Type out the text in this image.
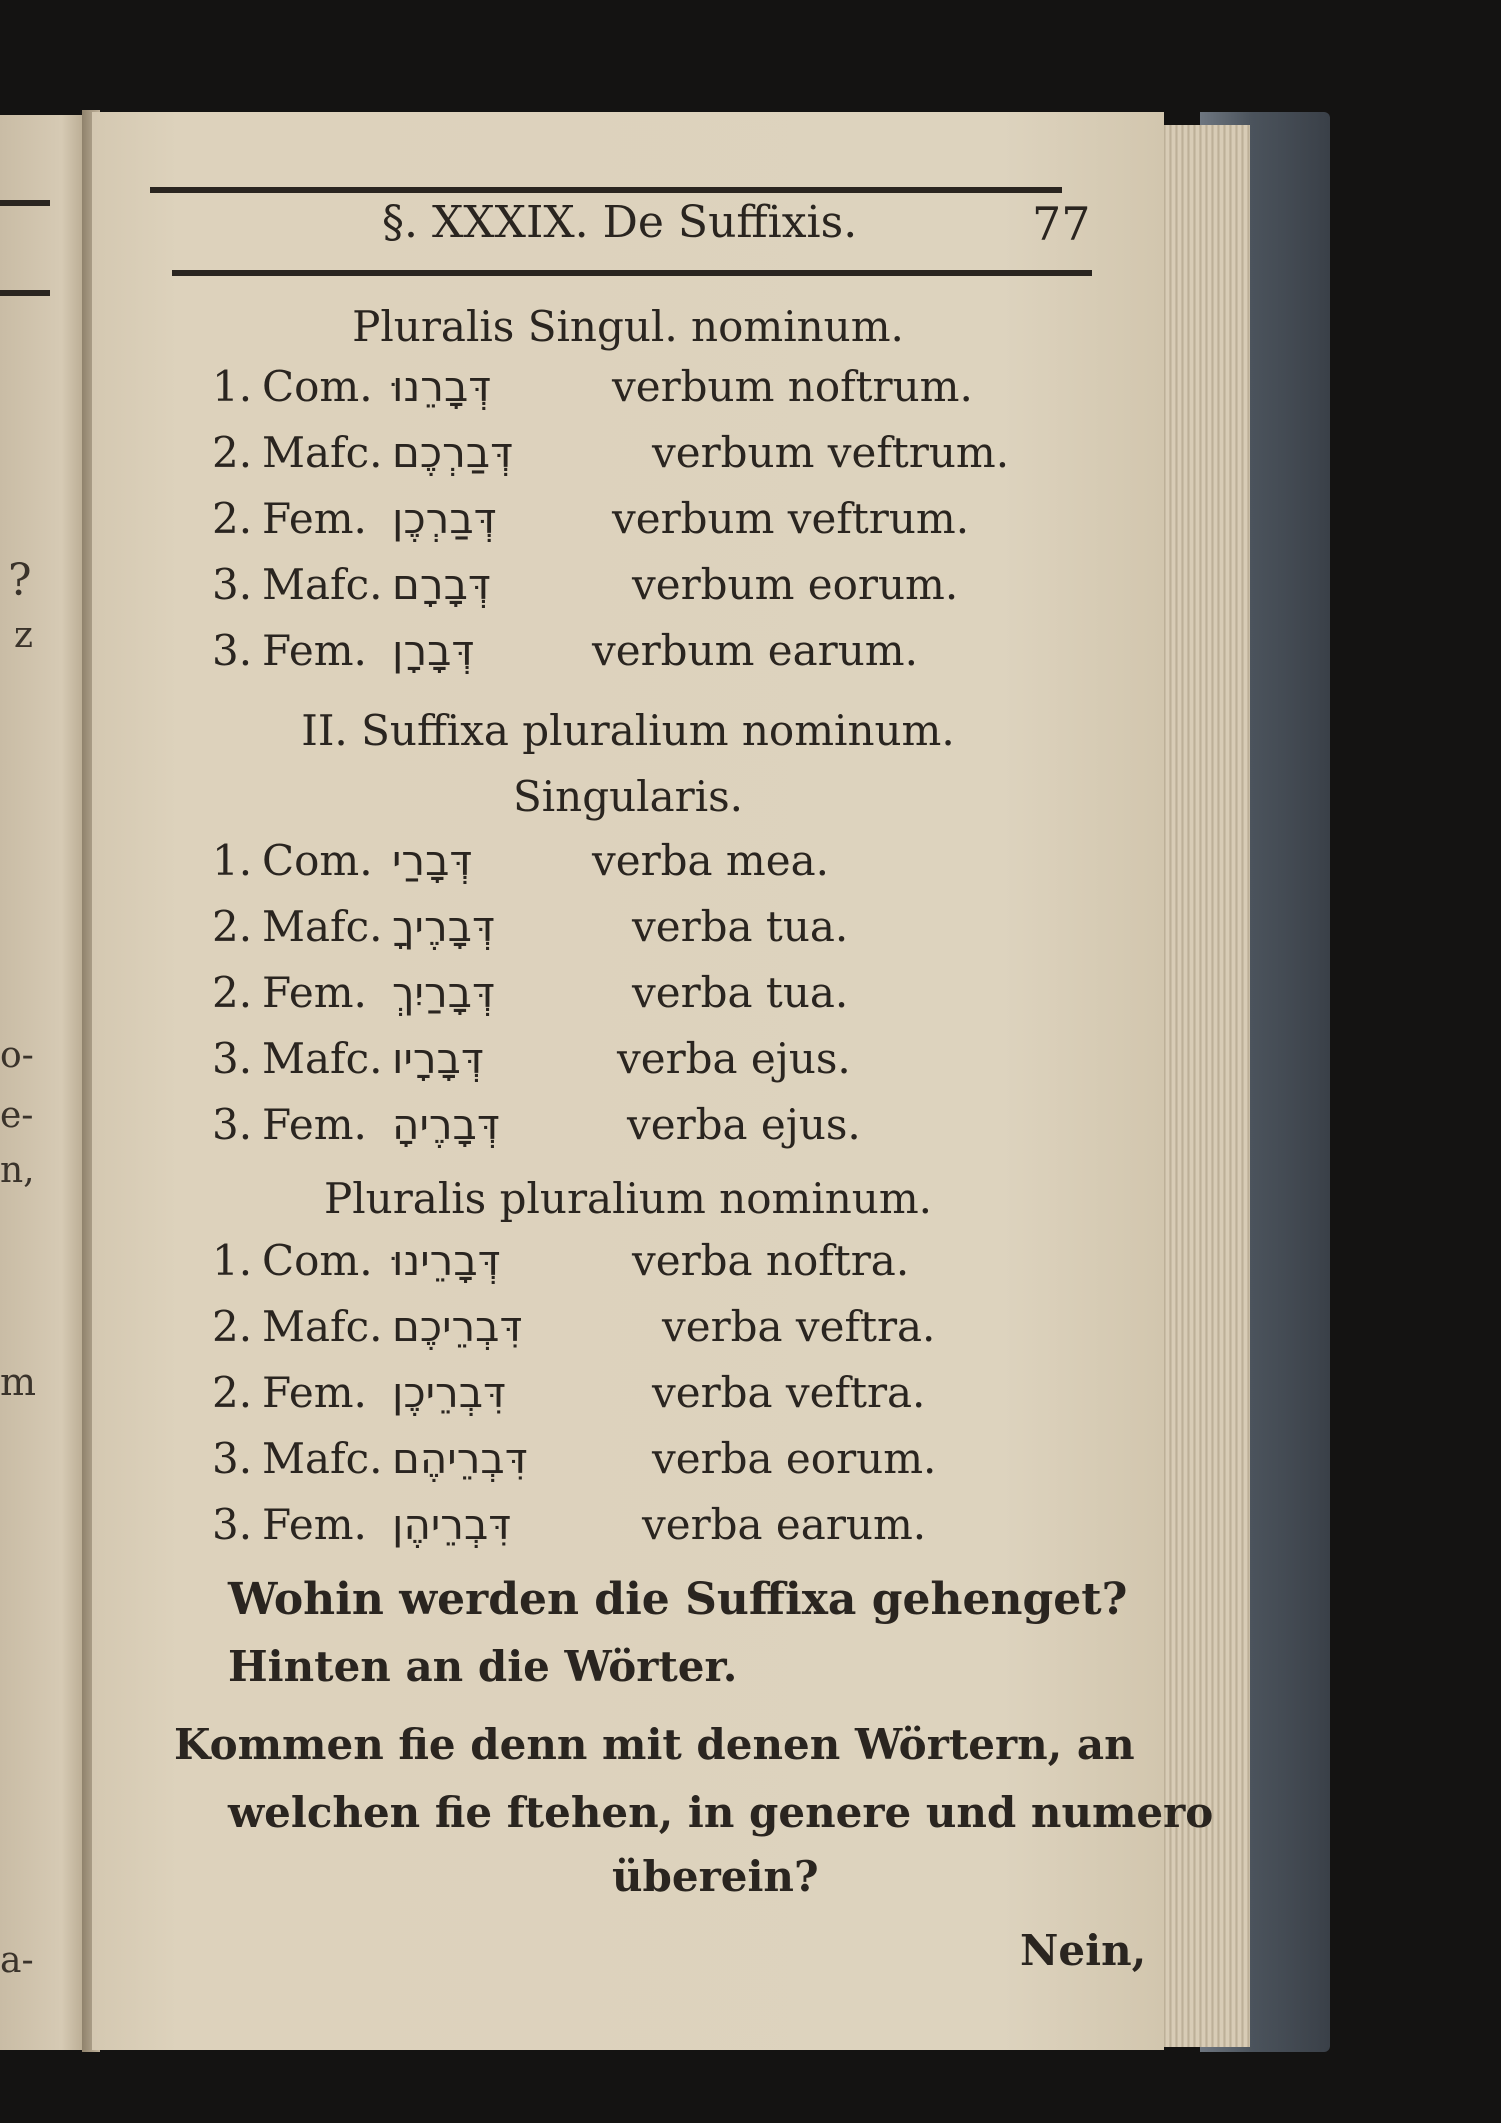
?
z
o-
e-
n,
m
a-
§. XXXIX. De Suffixis.	77
Pluralis Singul. nominum.
1. Com. דְּבָרֵנוּ	verbum noftrum.
2. Mafc. דְּבַרְכֶם	verbum veftrum.
2. Fem. דְּבַרְכֶן	verbum veftrum.
3. Mafc. דְּבָרָם	verbum eorum.
3. Fem. דְּבָרָן	verbum earum.
II. Suffixa pluralium nominum.
Singularis.
1. Com. דְּבָרַי	verba mea.
2. Mafc. דְּבָרֶיךָ	verba tua.
2. Fem. דְּבָרַיִךְ	verba tua.
3. Mafc. דְּבָרָיו	verba ejus.
3. Fem. דְּבָרֶיהָ	verba ejus.
Pluralis pluralium nominum.
1. Com. דְּבָרֵינוּ	verba noftra.
2. Mafc. דִּבְרֵיכֶם	verba veftra.
2. Fem. דִּבְרֵיכֶן	verba veftra.
3. Mafc. דִּבְרֵיהֶם	verba eorum.
3. Fem. דִּבְרֵיהֶן	verba earum.
Wohin werden die Suffixa gehenget?
Hinten an die Wörter.
Kommen fie denn mit denen Wörtern, an
welchen fie ftehen, in genere und numero
überein?
Nein,
